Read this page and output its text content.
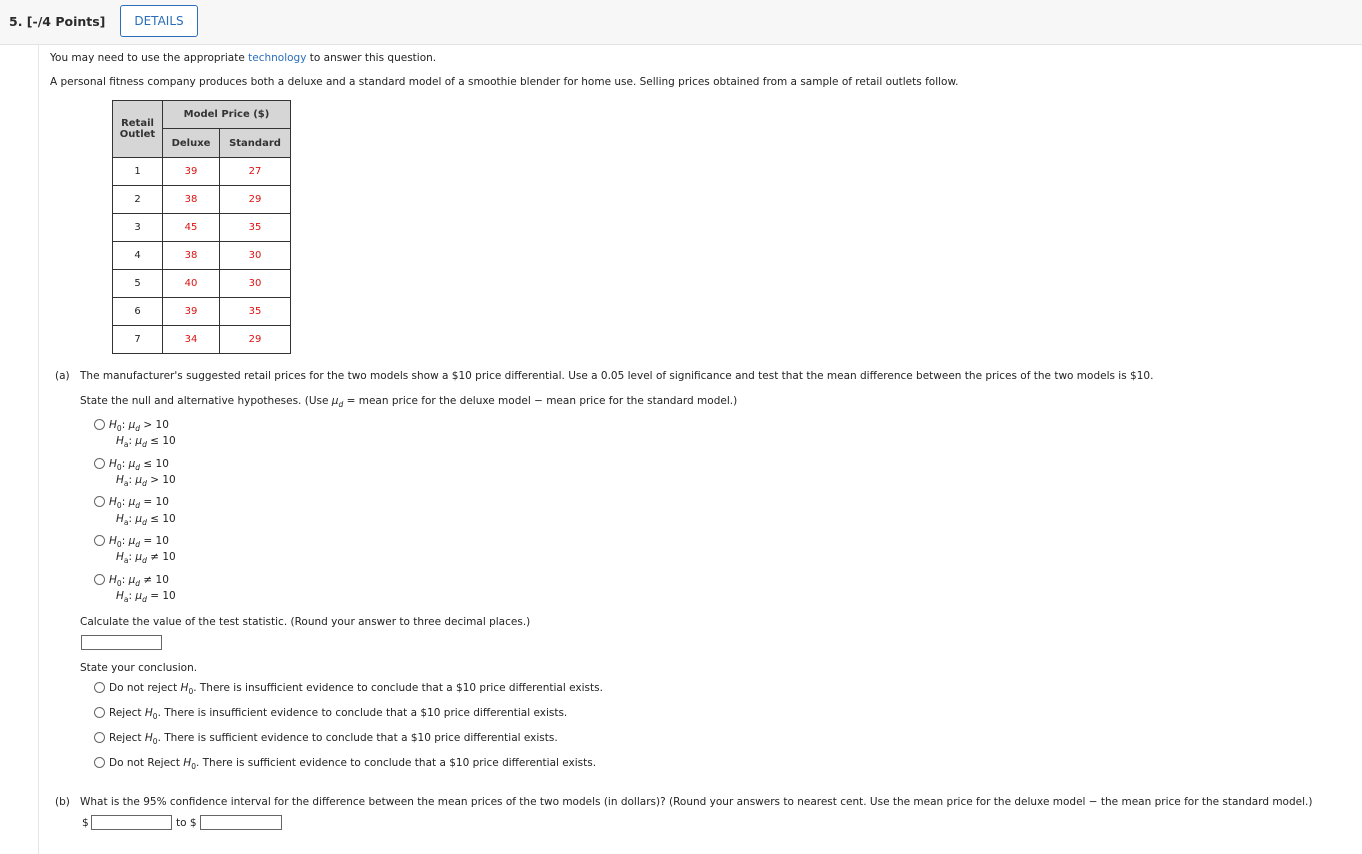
5. [-/4 Points]	DETAILS
You may need to use the appropriate technology to answer this question.
A personal fitness company produces both a deluxe and a standard model of a smoothie blender for home use. Selling prices obtained from a sample of retail outlets follow.
Retail Outlet	Model Price ($)	
	Deluxe	Standard
1	39	27
2	38	29
3	45	35
4	38	30
5	40	30
6	39	35
7	34	29
(a) The manufacturer's suggested retail prices for the two models show a $10 price differential. Use a 0.05 level of significance and test that the mean difference between the prices of the two models is $10.
State the null and alternative hypotheses. (Use $\mu_d$ = mean price for the deluxe model − mean price for the standard model.)
$H_0$: $\mu_d > 10$
$H_a$: $\mu_d \le 10$
$H_0$: $\mu_d \le 10$
$H_a$: $\mu_d > 10$
$H_0$: $\mu_d = 10$
$H_a$: $\mu_d \le 10$
$H_0$: $\mu_d = 10$
$H_a$: $\mu_d \ne 10$
$H_0$: $\mu_d \ne 10$
$H_a$: $\mu_d = 10$
Calculate the value of the test statistic. (Round your answer to three decimal places.)
State your conclusion.
Do not reject $H_0$. There is insufficient evidence to conclude that a $10 price differential exists.
Reject $H_0$. There is insufficient evidence to conclude that a $10 price differential exists.
Reject $H_0$. There is sufficient evidence to conclude that a $10 price differential exists.
Do not Reject $H_0$. There is sufficient evidence to conclude that a $10 price differential exists.
(b) What is the 95% confidence interval for the difference between the mean prices of the two models (in dollars)? (Round your answers to nearest cent. Use the mean price for the deluxe model − the mean price for the standard model.)
$	to $
